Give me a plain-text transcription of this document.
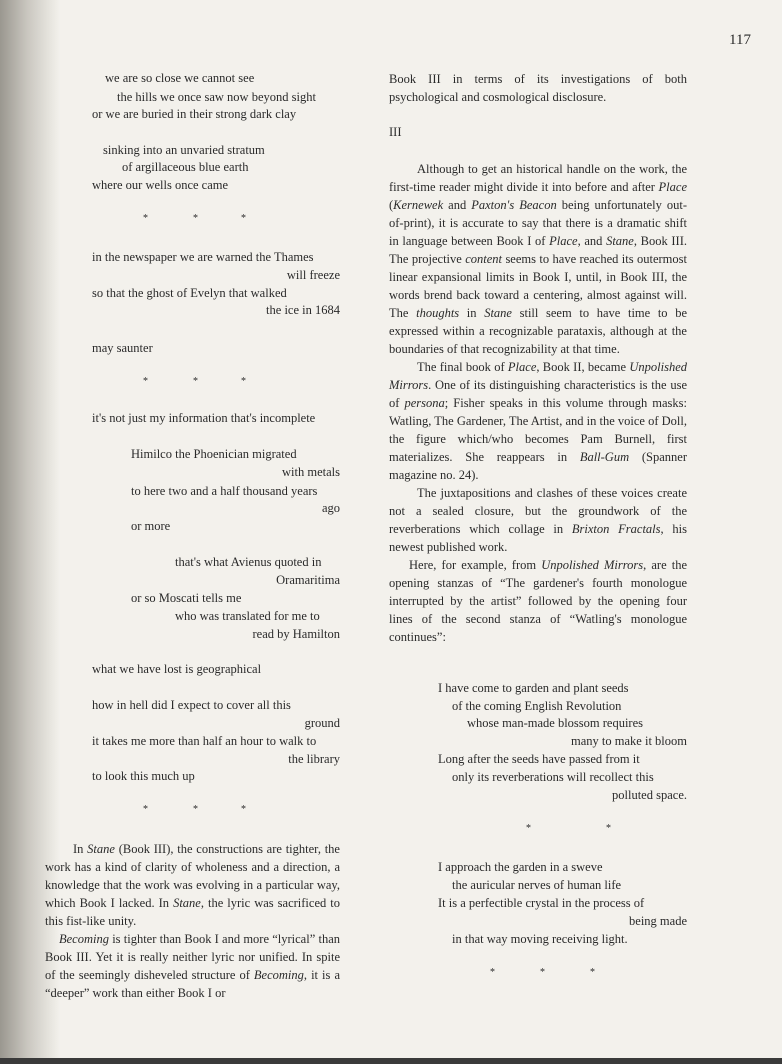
117
we are so close we cannot see
the hills we once saw now beyond sight
or we are buried in their strong dark clay
sinking into an unvaried stratum
of argillaceous blue earth
where our wells once came
*	*	*
in the newspaper we are warned the Thames
will freeze
so that the ghost of Evelyn that walked
the ice in 1684
may saunter
*	*	*
it's not just my information that's incomplete
Himilco the Phoenician migrated
with metals
to here two and a half thousand years
ago
or more
that's what Avienus quoted in
Oramaritima
or so Moscati tells me
who was translated for me to
read by Hamilton
what we have lost is geographical
how in hell did I expect to cover all this
ground
it takes me more than half an hour to walk to
the library
to look this much up
*	*	*

In Stane (Book III), the constructions are tighter, the work has a kind of clarity of wholeness and a direction, a knowledge that the work was evolving in a particular way, which Book I lacked. In Stane, the lyric was sacrificed to this fist-like unity.

Becoming is tighter than Book I and more “lyrical” than Book III. Yet it is really neither lyric nor unified. In spite of the seemingly disheveled structure of Becoming, it is a “deeper” work than either Book I or

Book III in terms of its investigations of both psychological and cosmological disclosure.

III

Although to get an historical handle on the work, the first-time reader might divide it into before and after Place (Kernewek and Paxton's Beacon being unfortunately out-of-print), it is accurate to say that there is a dramatic shift in language between Book I of Place, and Stane, Book III. The projective content seems to have reached its outermost linear expansional limits in Book I, until, in Book III, the words brend back toward a centering, almost against will. The thoughts in Stane still seem to have time to be expressed within a recognizable parataxis, although at the boundaries of that recognizability at that time.

The final book of Place, Book II, became Unpolished Mirrors. One of its distinguishing characteristics is the use of persona; Fisher speaks in this volume through masks: Watling, The Gardener, The Artist, and in the voice of Doll, the figure which/who becomes Pam Burnell, first materializes. She reappears in Ball-Gum (Spanner magazine no. 24).

The juxtapositions and clashes of these voices create not a sealed closure, but the groundwork of the reverberations which collage in Brixton Fractals, his newest published work.

Here, for example, from Unpolished Mirrors, are the opening stanzas of “The gardener's fourth monologue interrupted by the artist” followed by the opening four lines of the second stanza of “Watling's monologue continues”:

I have come to garden and plant seeds
of the coming English Revolution
whose man-made blossom requires
many to make it bloom
Long after the seeds have passed from it
only its reverberations will recollect this
polluted space.
*	*
I approach the garden in a sweve
the auricular nerves of human life
It is a perfectible crystal in the process of
being made
in that way moving receiving light.
*	*	*
